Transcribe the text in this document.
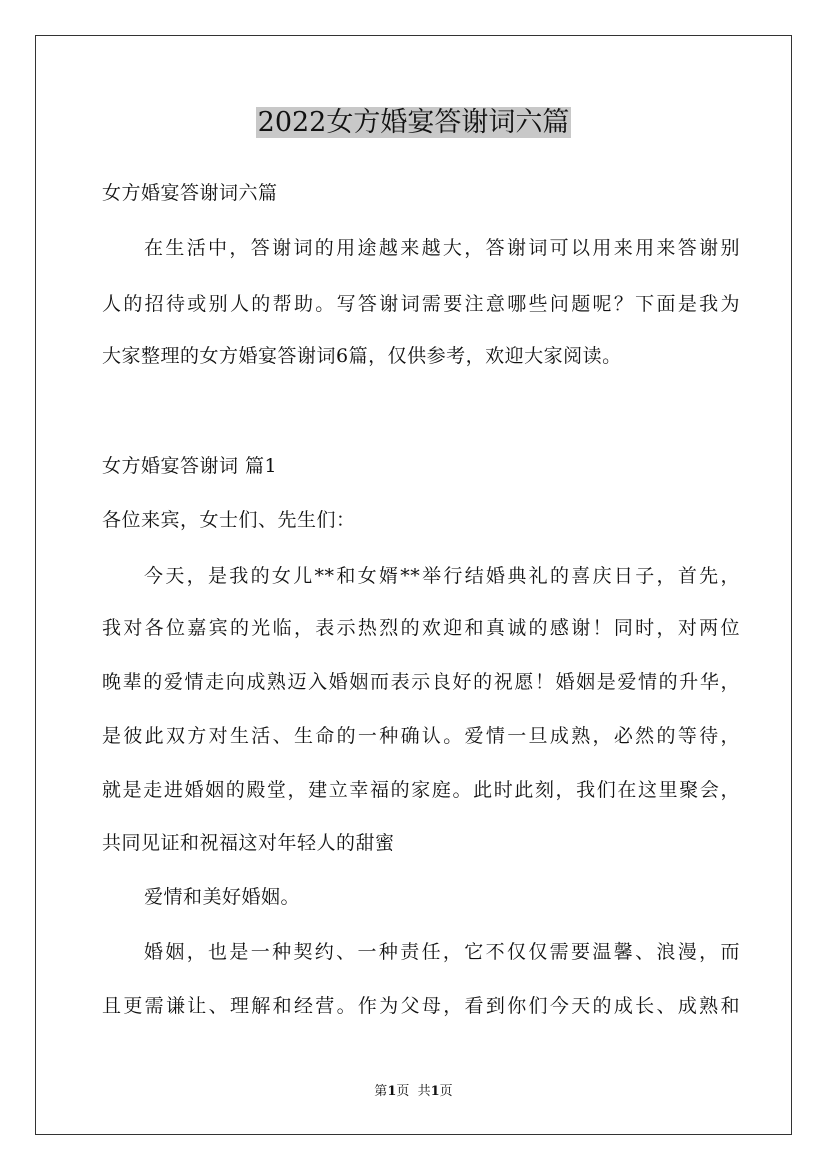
2022女方婚宴答谢词六篇
女方婚宴答谢词六篇
在生活中，答谢词的用途越来越大，答谢词可以用来用来答谢别
人的招待或别人的帮助。写答谢词需要注意哪些问题呢？下面是我为
大家整理的女方婚宴答谢词6篇，仅供参考，欢迎大家阅读。
女方婚宴答谢词 篇1
各位来宾，女士们、先生们：
今天，是我的女儿**和女婿**举行结婚典礼的喜庆日子，首先，
我对各位嘉宾的光临，表示热烈的欢迎和真诚的感谢！同时，对两位
晚辈的爱情走向成熟迈入婚姻而表示良好的祝愿！婚姻是爱情的升华，
是彼此双方对生活、生命的一种确认。爱情一旦成熟，必然的等待，
就是走进婚姻的殿堂，建立幸福的家庭。此时此刻，我们在这里聚会，
共同见证和祝福这对年轻人的甜蜜
爱情和美好婚姻。
婚姻，也是一种契约、一种责任，它不仅仅需要温馨、浪漫，而
且更需谦让、理解和经营。作为父母，看到你们今天的成长、成熟和
第1页  共1页
